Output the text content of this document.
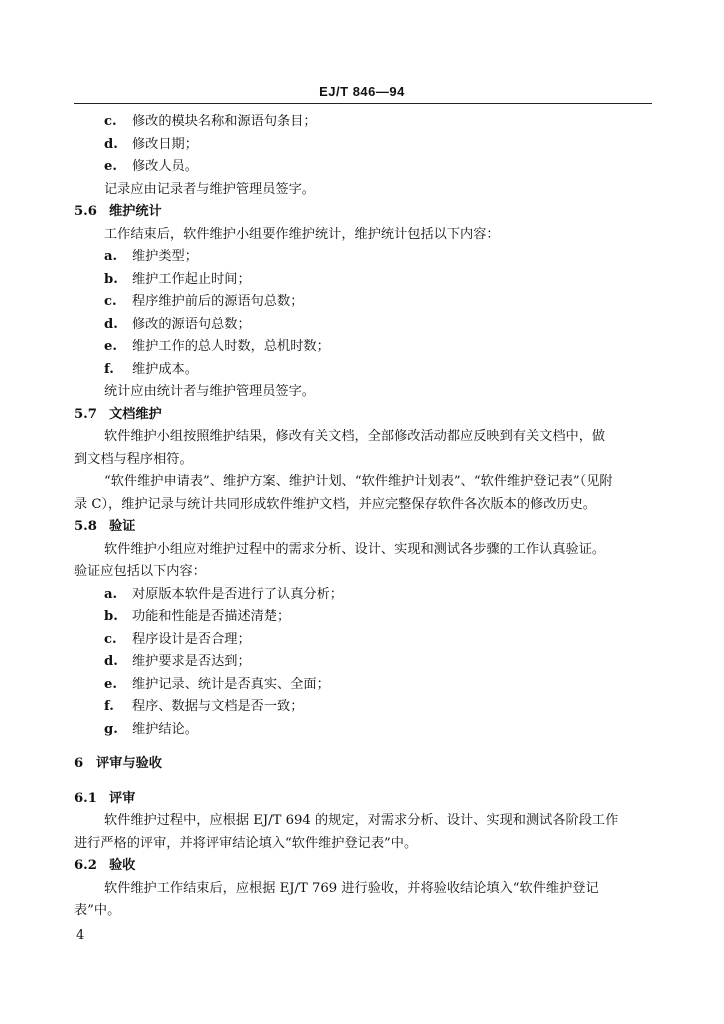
EJ/T 846—94
c.	修改的模块名称和源语句条目；
d.	修改日期；
e.	修改人员。
记录应由记录者与维护管理员签字。
5.6 维护统计
工作结束后，软件维护小组要作维护统计，维护统计包括以下内容：
a.	维护类型；
b.	维护工作起止时间；
c.	程序维护前后的源语句总数；
d.	修改的源语句总数；
e.	维护工作的总人时数，总机时数；
f.	维护成本。
统计应由统计者与维护管理员签字。
5.7 文档维护
软件维护小组按照维护结果，修改有关文档，全部修改活动都应反映到有关文档中，做
到文档与程序相符。
“软件维护申请表”、维护方案、维护计划、“软件维护计划表”、“软件维护登记表”（见附
录 C），维护记录与统计共同形成软件维护文档，并应完整保存软件各次版本的修改历史。
5.8 验证
软件维护小组应对维护过程中的需求分析、设计、实现和测试各步骤的工作认真验证。
验证应包括以下内容：
a.	对原版本软件是否进行了认真分析；
b.	功能和性能是否描述清楚；
c.	程序设计是否合理；
d.	维护要求是否达到；
e.	维护记录、统计是否真实、全面；
f.	程序、数据与文档是否一致；
g.	维护结论。
6 评审与验收
6.1 评审
软件维护过程中，应根据 EJ/T 694 的规定，对需求分析、设计、实现和测试各阶段工作
进行严格的评审，并将评审结论填入“软件维护登记表”中。
6.2 验收
软件维护工作结束后，应根据 EJ/T 769 进行验收，并将验收结论填入“软件维护登记
表”中。
4
